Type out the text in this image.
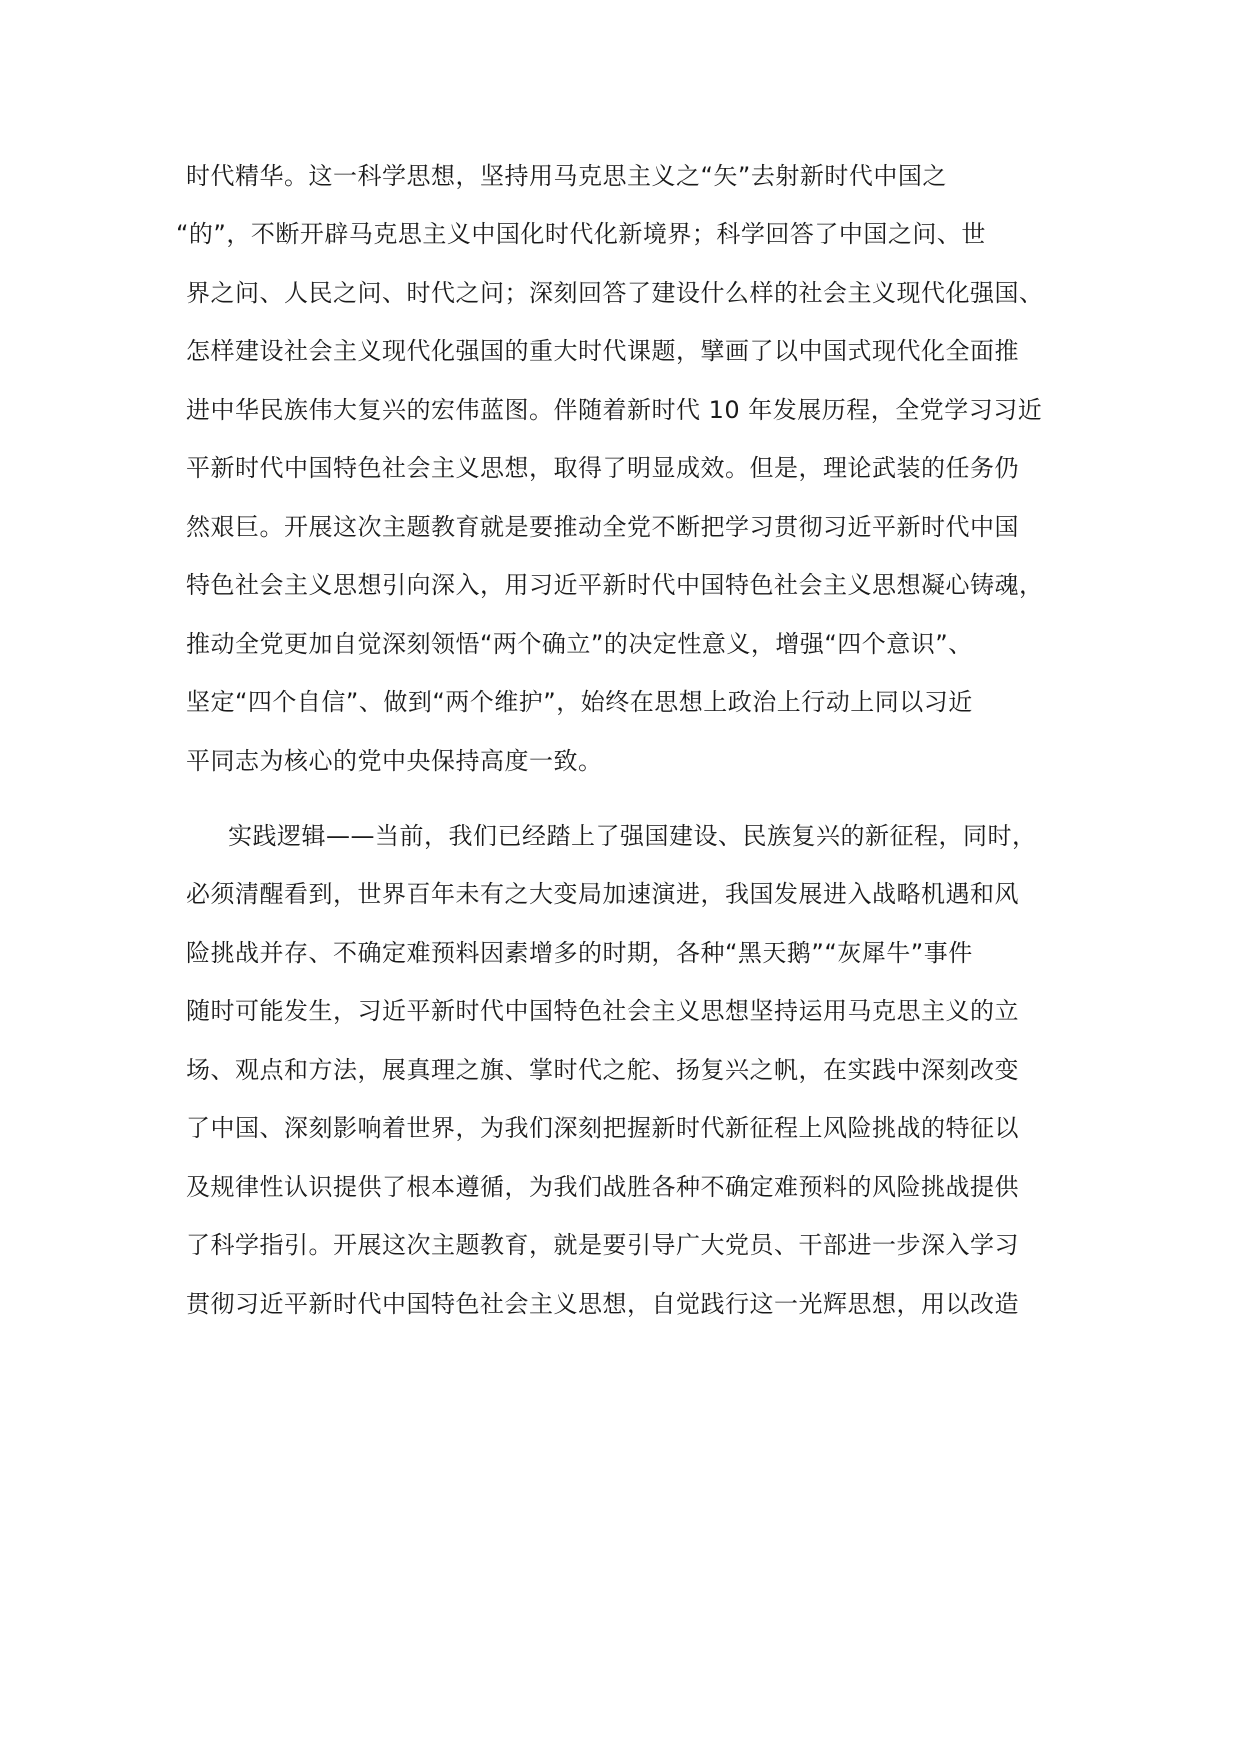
时代精华。这一科学思想，坚持用马克思主义之“矢”去射新时代中国之
“的”，不断开辟马克思主义中国化时代化新境界；科学回答了中国之问、世
界之问、人民之问、时代之问；深刻回答了建设什么样的社会主义现代化强国、
怎样建设社会主义现代化强国的重大时代课题，擘画了以中国式现代化全面推
进中华民族伟大复兴的宏伟蓝图。伴随着新时代 10 年发展历程，全党学习习近
平新时代中国特色社会主义思想，取得了明显成效。但是，理论武装的任务仍
然艰巨。开展这次主题教育就是要推动全党不断把学习贯彻习近平新时代中国
特色社会主义思想引向深入，用习近平新时代中国特色社会主义思想凝心铸魂，
推动全党更加自觉深刻领悟“两个确立”的决定性意义，增强“四个意识”、
坚定“四个自信”、做到“两个维护”，始终在思想上政治上行动上同以习近
平同志为核心的党中央保持高度一致。
实践逻辑——当前，我们已经踏上了强国建设、民族复兴的新征程，同时，
必须清醒看到，世界百年未有之大变局加速演进，我国发展进入战略机遇和风
险挑战并存、不确定难预料因素增多的时期，各种“黑天鹅”“灰犀牛”事件
随时可能发生，习近平新时代中国特色社会主义思想坚持运用马克思主义的立
场、观点和方法，展真理之旗、掌时代之舵、扬复兴之帆，在实践中深刻改变
了中国、深刻影响着世界，为我们深刻把握新时代新征程上风险挑战的特征以
及规律性认识提供了根本遵循，为我们战胜各种不确定难预料的风险挑战提供
了科学指引。开展这次主题教育，就是要引导广大党员、干部进一步深入学习
贯彻习近平新时代中国特色社会主义思想，自觉践行这一光辉思想，用以改造
